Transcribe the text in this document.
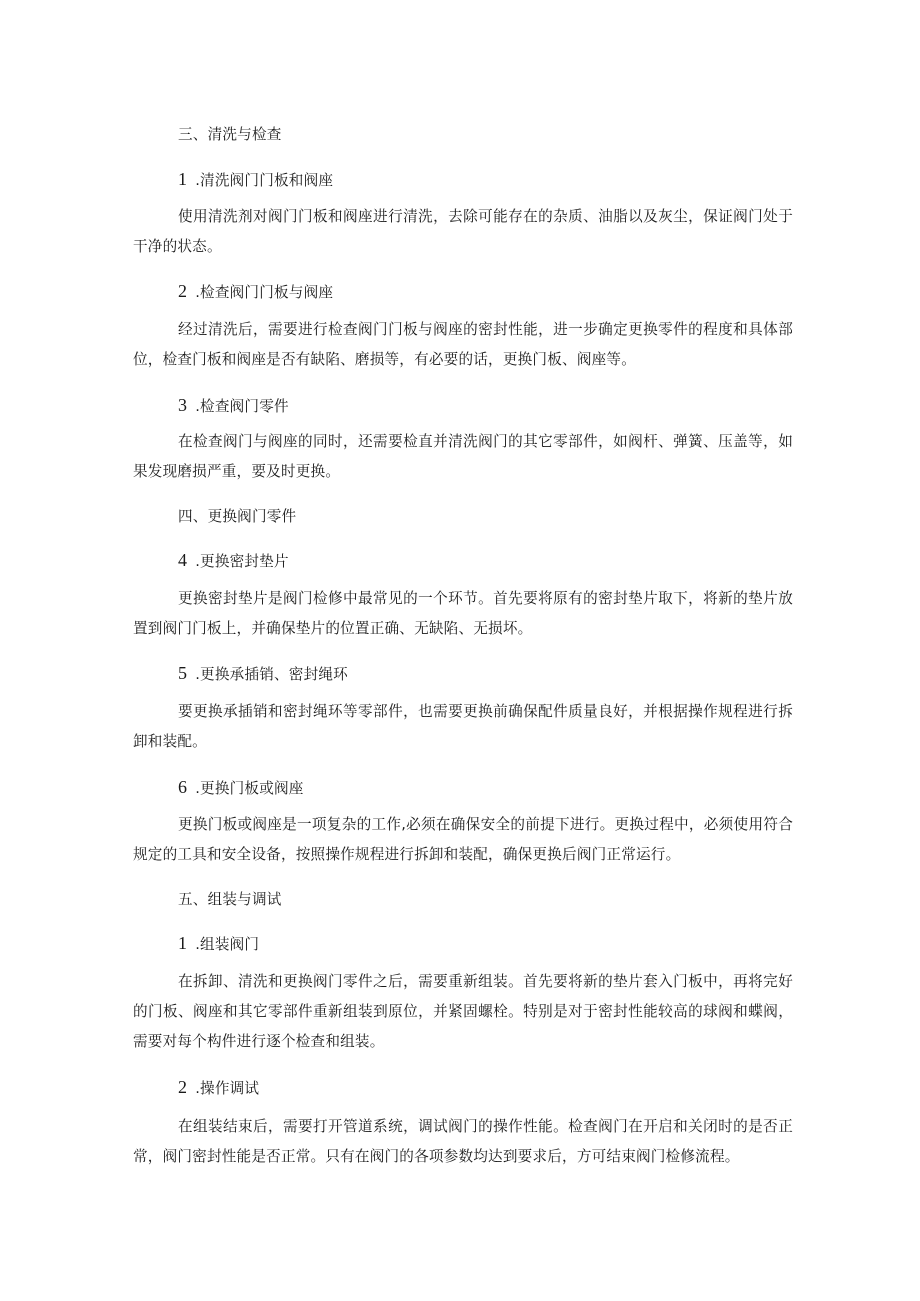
三、清洗与检查
1 .清洗阀门门板和阀座
使用清洗剂对阀门门板和阀座进行清洗，去除可能存在的杂质、油脂以及灰尘，保证阀门处于干净的状态。
2 .检查阀门门板与阀座
经过清洗后，需要进行检查阀门门板与阀座的密封性能，进一步确定更换零件的程度和具体部位，检查门板和阀座是否有缺陷、磨损等，有必要的话，更换门板、阀座等。
3 .检查阀门零件
在检查阀门与阀座的同时，还需要检直并清洗阀门的其它零部件，如阀杆、弹簧、压盖等，如果发现磨损严重，要及时更换。
四、更换阀门零件
4 .更换密封垫片
更换密封垫片是阀门检修中最常见的一个环节。首先要将原有的密封垫片取下，将新的垫片放置到阀门门板上，并确保垫片的位置正确、无缺陷、无损坏。
5 .更换承插销、密封绳环
要更换承插销和密封绳环等零部件，也需要更换前确保配件质量良好，并根据操作规程进行拆卸和装配。
6 .更换门板或阀座
更换门板或阀座是一项复杂的工作,必须在确保安全的前提下进行。更换过程中，必须使用符合规定的工具和安全设备，按照操作规程进行拆卸和装配，确保更换后阀门正常运行。
五、组装与调试
1 .组装阀门
在拆卸、清洗和更换阀门零件之后，需要重新组装。首先要将新的垫片套入门板中，再将完好的门板、阀座和其它零部件重新组装到原位，并紧固螺栓。特别是对于密封性能较高的球阀和蝶阀，需要对每个构件进行逐个检查和组装。
2 .操作调试
在组装结束后，需要打开管道系统，调试阀门的操作性能。检查阀门在开启和关闭时的是否正常，阀门密封性能是否正常。只有在阀门的各项参数均达到要求后，方可结束阀门检修流程。
